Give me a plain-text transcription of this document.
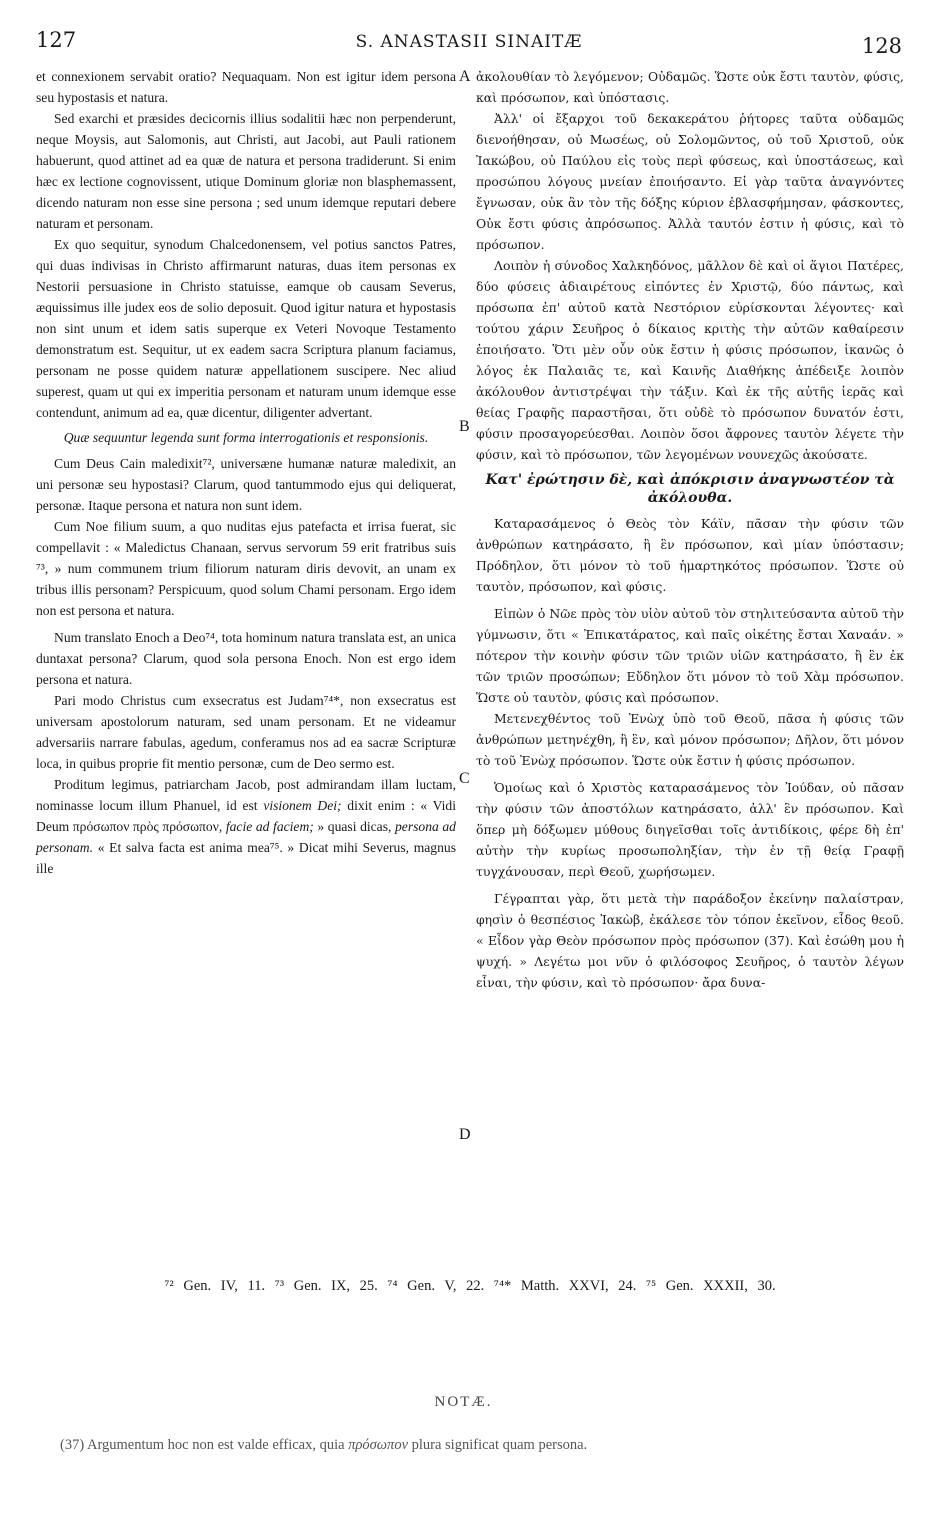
127	S. ANASTASII SINAITÆ	128
A
B
C
D

et connexionem servabit oratio? Nequaquam. Non est igitur idem persona seu hypostasis et natura.

Sed exarchi et præsides decicornis illius sodalitii hæc non perpenderunt, neque Moysis, aut Salomonis, aut Christi, aut Jacobi, aut Pauli rationem habuerunt, quod attinet ad ea quæ de natura et persona tradiderunt. Si enim hæc ex lectione cognovissent, utique Dominum gloriæ non blasphemassent, dicendo naturam non esse sine persona ; sed unum idemque reputari debere naturam et personam.

Ex quo sequitur, synodum Chalcedonensem, vel potius sanctos Patres, qui duas indivisas in Christo affirmarunt naturas, duas item personas ex Nestorii persuasione in Christo statuisse, eamque ob causam Severus, æquissimus ille judex eos de solio deposuit. Quod igitur natura et hypostasis non sint unum et idem satis superque ex Veteri Novoque Testamento demonstratum est. Sequitur, ut ex eadem sacra Scriptura planum faciamus, personam ne posse quidem naturæ appellationem suscipere. Nec aliud superest, quam ut qui ex imperitia personam et naturam unum idemque esse contendunt, animum ad ea, quæ dicentur, diligenter advertant.

Quæ sequuntur legenda sunt forma interrogationis et responsionis.

Cum Deus Cain maledixit⁷², universæne humanæ naturæ maledixit, an uni personæ seu hypostasi? Clarum, quod tantummodo ejus qui deliquerat, personæ. Itaque persona et natura non sunt idem.

Cum Noe filium suum, a quo nuditas ejus patefacta et irrisa fuerat, sic compellavit : « Maledictus Chanaan, servus servorum 59 erit fratribus suis ⁷³, » num communem trium filiorum naturam diris devovit, an unam ex tribus illis personam? Perspicuum, quod solum Chami personam. Ergo idem non est persona et natura.

Num translato Enoch a Deo⁷⁴, tota hominum natura translata est, an unica duntaxat persona? Clarum, quod sola persona Enoch. Non est ergo idem persona et natura.

Pari modo Christus cum exsecratus est Judam⁷⁴*, non exsecratus est universam apostolorum naturam, sed unam personam. Et ne videamur adversariis narrare fabulas, agedum, conferamus nos ad ea sacræ Scripturæ loca, in quibus proprie fit mentio personæ, cum de Deo sermo est.

Proditum legimus, patriarcham Jacob, post admirandam illam luctam, nominasse locum illum Phanuel, id est visionem Dei; dixit enim : « Vidi Deum πρόσωπον πρὸς πρόσωπον, facie ad faciem; » quasi dicas, persona ad personam. « Et salva facta est anima mea⁷⁵. » Dicat mihi Severus, magnus ille

ἀκολουθίαν τὸ λεγόμενον; Οὐδαμῶς. Ὥστε οὐκ ἔστι ταυτὸν, φύσις, καὶ πρόσωπον, καὶ ὑπόστασις.

Ἀλλ' οἱ ἔξαρχοι τοῦ δεκακεράτου ῥήτορες ταῦτα οὐδαμῶς διενοήθησαν, οὐ Μωσέως, οὐ Σολομῶντος, οὐ τοῦ Χριστοῦ, οὐκ Ἰακώβου, οὐ Παύλου εἰς τοὺς περὶ φύσεως, καὶ ὑποστάσεως, καὶ προσώπου λόγους μνείαν ἐποιήσαντο. Εἰ γὰρ ταῦτα ἀναγνόντες ἔγνωσαν, οὐκ ἂν τὸν τῆς δόξης κύριον ἐβλασφήμησαν, φάσκοντες, Οὐκ ἔστι φύσις ἀπρόσωπος. Ἀλλὰ ταυτόν ἐστιν ἡ φύσις, καὶ τὸ πρόσωπον.

Λοιπὸν ἡ σύνοδος Χαλκηδόνος, μᾶλλον δὲ καὶ οἱ ἅγιοι Πατέρες, δύο φύσεις ἀδιαιρέτους εἰπόντες ἐν Χριστῷ, δύο πάντως, καὶ πρόσωπα ἐπ' αὐτοῦ κατὰ Νεστόριον εὑρίσκονται λέγοντες· καὶ τούτου χάριν Σευῆρος ὁ δίκαιος κριτὴς τὴν αὐτῶν καθαίρεσιν ἐποιήσατο. Ὅτι μὲν οὖν οὐκ ἔστιν ἡ φύσις πρόσωπον, ἱκανῶς ὁ λόγος ἐκ Παλαιᾶς τε, καὶ Καινῆς Διαθήκης ἀπέδειξε λοιπὸν ἀκόλουθον ἀντιστρέψαι τὴν τάξιν. Καὶ ἐκ τῆς αὐτῆς ἱερᾶς καὶ θείας Γραφῆς παραστῆσαι, ὅτι οὐδὲ τὸ πρόσωπον δυνατόν ἐστι, φύσιν προσαγορεύεσθαι. Λοιπὸν ὅσοι ἄφρονες ταυτὸν λέγετε τὴν φύσιν, καὶ τὸ πρόσωπον, τῶν λεγομένων νουνεχῶς ἀκούσατε.

Κατ' ἐρώτησιν δὲ, καὶ ἀπόκρισιν ἀναγνωστέον τὰ ἀκόλουθα.

Καταρασάμενος ὁ Θεὸς τὸν Κάϊν, πᾶσαν τὴν φύσιν τῶν ἀνθρώπων κατηράσατο, ἢ ἓν πρόσωπον, καὶ μίαν ὑπόστασιν; Πρόδηλον, ὅτι μόνον τὸ τοῦ ἡμαρτηκότος πρόσωπον. Ὥστε οὐ ταυτὸν, πρόσωπον, καὶ φύσις.

Εἰπὼν ὁ Νῶε πρὸς τὸν υἱὸν αὐτοῦ τὸν στηλιτεύσαντα αὐτοῦ τὴν γύμνωσιν, ὅτι « Ἐπικατάρατος, καὶ παῖς οἰκέτης ἔσται Χαναάν. » πότερον τὴν κοινὴν φύσιν τῶν τριῶν υἱῶν κατηράσατο, ἢ ἓν ἐκ τῶν τριῶν προσώπων; Εὔδηλον ὅτι μόνον τὸ τοῦ Χὰμ πρόσωπον. Ὥστε οὐ ταυτὸν, φύσις καὶ πρόσωπον.

Μετενεχθέντος τοῦ Ἐνὼχ ὑπὸ τοῦ Θεοῦ, πᾶσα ἡ φύσις τῶν ἀνθρώπων μετηνέχθη, ἢ ἓν, καὶ μόνον πρόσωπον; Δῆλον, ὅτι μόνον τὸ τοῦ Ἐνὼχ πρόσωπον. Ὥστε οὐκ ἔστιν ἡ φύσις πρόσωπον.

Ὁμοίως καὶ ὁ Χριστὸς καταρασάμενος τὸν Ἰούδαν, οὐ πᾶσαν τὴν φύσιν τῶν ἀποστόλων κατηράσατο, ἀλλ' ἓν πρόσωπον. Καὶ ὅπερ μὴ δόξωμεν μύθους διηγεῖσθαι τοῖς ἀντιδίκοις, φέρε δὴ ἐπ' αὐτὴν τὴν κυρίως προσωποληξίαν, τὴν ἐν τῇ θείᾳ Γραφῇ τυγχάνουσαν, περὶ Θεοῦ, χωρήσωμεν.

Γέγραπται γὰρ, ὅτι μετὰ τὴν παράδοξον ἐκείνην παλαίστραν, φησὶν ὁ θεσπέσιος Ἰακὼβ, ἐκάλεσε τὸν τόπον ἐκεῖνον, εἶδος θεοῦ. « Εἶδον γὰρ Θεὸν πρόσωπον πρὸς πρόσωπον (37). Καὶ ἐσώθη μου ἡ ψυχή. » Λεγέτω μοι νῦν ὁ φιλόσοφος Σευῆρος, ὁ ταυτὸν λέγων εἶναι, τὴν φύσιν, καὶ τὸ πρόσωπον· ἄρα δυνα-

⁷² Gen. IV, 11. ⁷³ Gen. IX, 25. ⁷⁴ Gen. V, 22. ⁷⁴* Matth. XXVI, 24. ⁷⁵ Gen. XXXII, 30.
NOTÆ.
(37) Argumentum hoc non est valde efficax, quia πρόσωπον plura significat quam persona.
